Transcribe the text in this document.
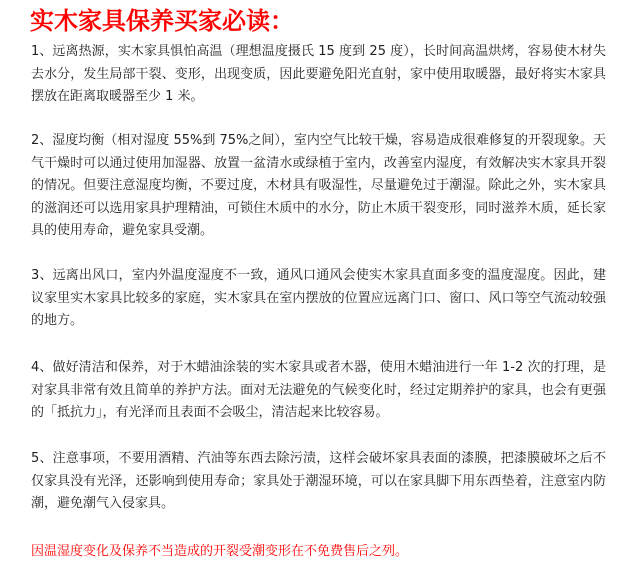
实木家具保养买家必读：

1、远离热源，实木家具惧怕高温（理想温度摄氏 15 度到 25 度），长时间高温烘烤，容易使木材失去水分，发生局部干裂、变形，出现变质，因此要避免阳光直射，家中使用取暖器，最好将实木家具摆放在距离取暖器至少 1 米。

2、湿度均衡（相对湿度 55%到 75%之间），室内空气比较干燥，容易造成很难修复的开裂现象。天气干燥时可以通过使用加湿器、放置一盆清水或绿植于室内，改善室内湿度，有效解决实木家具开裂的情况。但要注意湿度均衡，不要过度，木材具有吸湿性，尽量避免过于潮湿。除此之外，实木家具的滋润还可以选用家具护理精油，可锁住木质中的水分，防止木质干裂变形，同时滋养木质，延长家具的使用寿命，避免家具受潮。

3、远离出风口，室内外温度湿度不一致，通风口通风会使实木家具直面多变的温度湿度。因此，建议家里实木家具比较多的家庭，实木家具在室内摆放的位置应远离门口、窗口、风口等空气流动较强的地方。

4、做好清洁和保养，对于木蜡油涂装的实木家具或者木器，使用木蜡油进行一年 1-2 次的打理，是对家具非常有效且简单的养护方法。面对无法避免的气候变化时，经过定期养护的家具，也会有更强的「抵抗力」，有光泽而且表面不会吸尘，清洁起来比较容易。

5、注意事项，不要用酒精、汽油等东西去除污渍，这样会破坏家具表面的漆膜，把漆膜破坏之后不仅家具没有光泽，还影响到使用寿命；家具处于潮湿环境，可以在家具脚下用东西垫着，注意室内防潮，避免潮气入侵家具。

因温湿度变化及保养不当造成的开裂受潮变形在不免费售后之列。
